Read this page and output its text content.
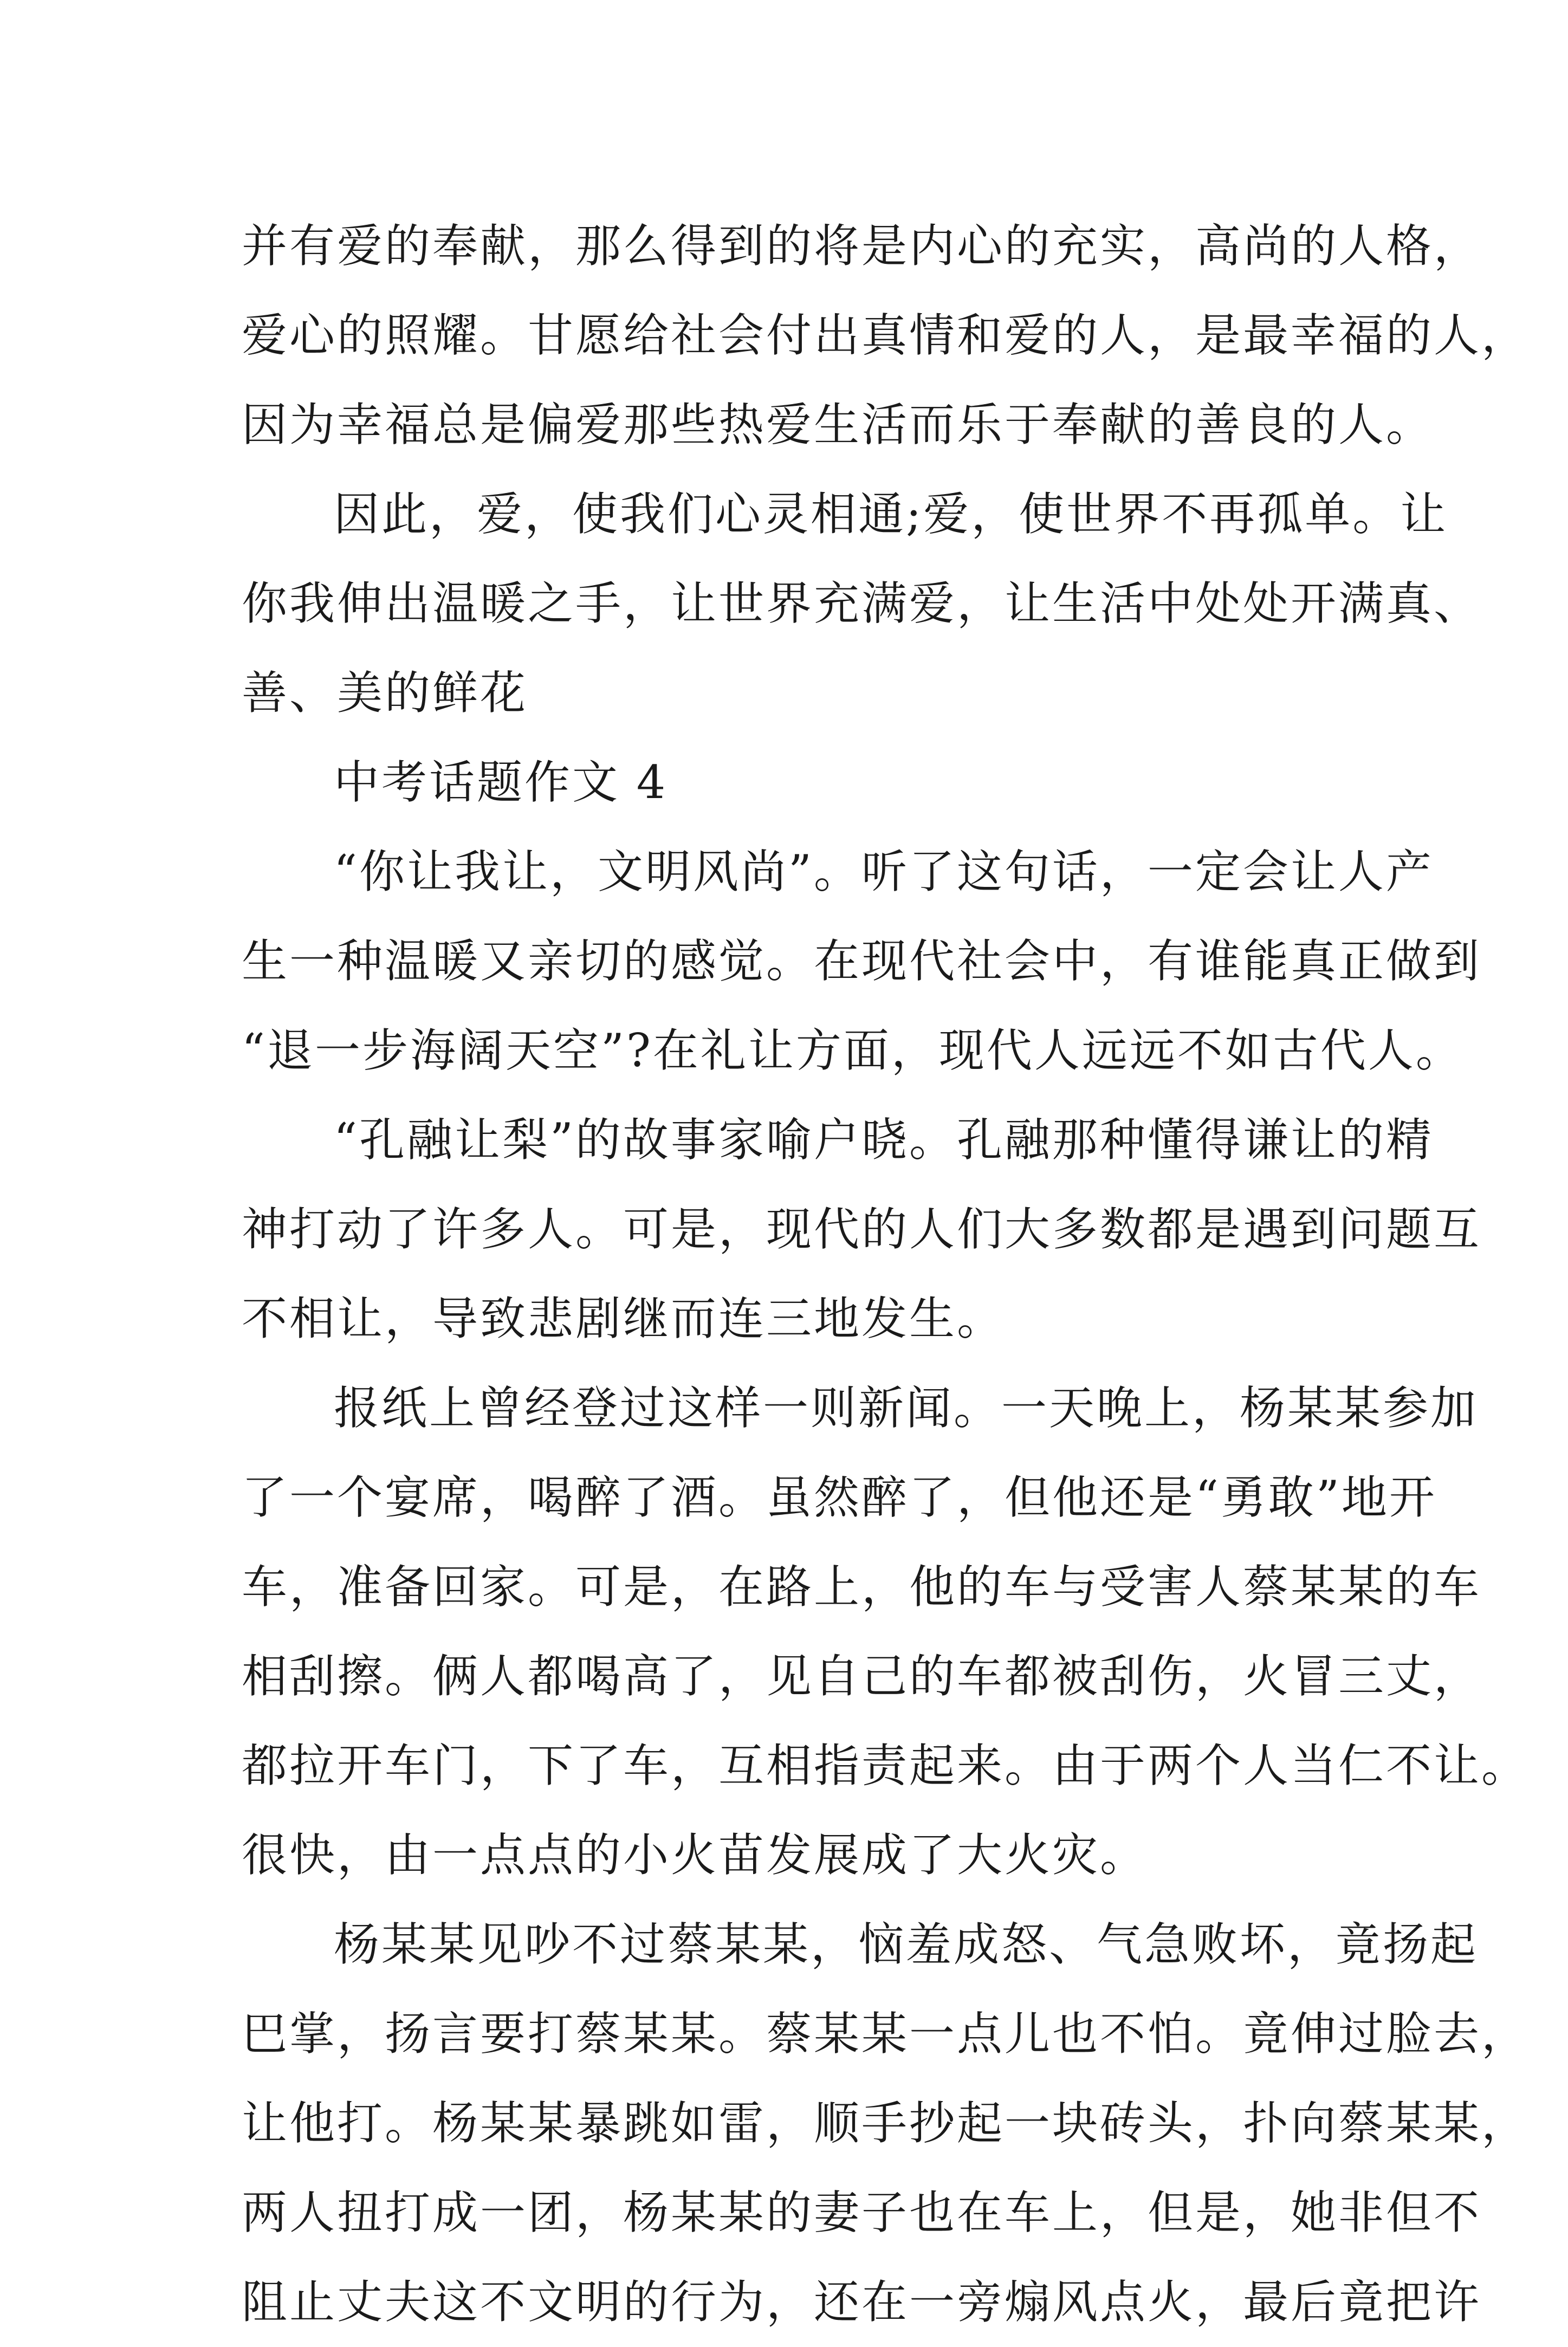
并有爱的奉献，那么得到的将是内心的充实，高尚的人格，
爱心的照耀。甘愿给社会付出真情和爱的人，是最幸福的人，
因为幸福总是偏爱那些热爱生活而乐于奉献的善良的人。
因此，爱，使我们心灵相通;爱，使世界不再孤单。让
你我伸出温暖之手，让世界充满爱，让生活中处处开满真、
善、美的鲜花
中考话题作文 4
“你让我让，文明风尚”。听了这句话，一定会让人产
生一种温暖又亲切的感觉。在现代社会中，有谁能真正做到
“退一步海阔天空”?在礼让方面，现代人远远不如古代人。
“孔融让梨”的故事家喻户晓。孔融那种懂得谦让的精
神打动了许多人。可是，现代的人们大多数都是遇到问题互
不相让，导致悲剧继而连三地发生。
报纸上曾经登过这样一则新闻。一天晚上，杨某某参加
了一个宴席，喝醉了酒。虽然醉了，但他还是“勇敢”地开
车，准备回家。可是，在路上，他的车与受害人蔡某某的车
相刮擦。俩人都喝高了，见自己的车都被刮伤，火冒三丈，
都拉开车门，下了车，互相指责起来。由于两个人当仁不让。
很快，由一点点的小火苗发展成了大火灾。
杨某某见吵不过蔡某某，恼羞成怒、气急败坏，竟扬起
巴掌，扬言要打蔡某某。蔡某某一点儿也不怕。竟伸过脸去，
让他打。杨某某暴跳如雷，顺手抄起一块砖头，扑向蔡某某，
两人扭打成一团，杨某某的妻子也在车上，但是，她非但不
阻止丈夫这不文明的行为，还在一旁煽风点火，最后竟把许
